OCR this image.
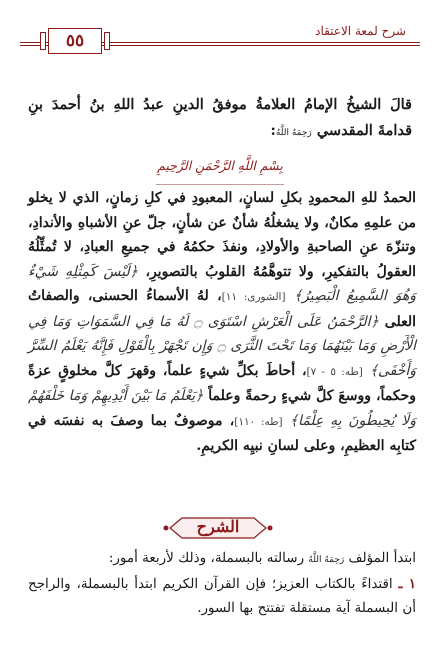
٥٥	شرح لمعة الاعتقاد
قالَ الشيخُ الإمامُ العلامةُ موفقُ الدينِ عبدُ اللهِ بنُ أحمدَ بنِ قدامةَ المقدسي رَحِمَهُ اللَّهُ:
بِسْمِ اللَّهِ الرَّحْمَنِ الرَّحِيمِ
الحمدُ للهِ المحمودِ بكلِ لسانٍ، المعبودِ في كلِ زمانٍ، الذي لا يخلو من علمِهِ مكانٌ، ولا يشغلُهُ شأنٌ عن شأنٍ، جلّ عنِ الأشباهِ والأندادِ، وتنزّهَ عنِ الصاحبةِ والأولادِ، ونفذَ حكمُهُ في جميعِ العبادِ، لا تُمثِّلُهُ العقولُ بالتفكيرِ، ولا تتوهَّمُهُ القلوبُ بالتصويرِ، ﴿لَيْسَ كَمِثْلِهِ شَيْءٌ وَهُوَ السَّمِيعُ الْبَصِيرُ﴾ [الشورى: ١١]، لهُ الأسماءُ الحسنى، والصفاتُ العلى ﴿الرَّحْمَنُ عَلَى الْعَرْشِ اسْتَوَى ۝ لَهُ مَا فِي السَّمَوَاتِ وَمَا فِي الْأَرْضِ وَمَا بَيْنَهُمَا وَمَا تَحْتَ الثَّرَى ۝ وَإِن تَجْهَرْ بِالْقَوْلِ فَإِنَّهُ يَعْلَمُ السِّرَّ وَأَخْفَى﴾ [طه: ٥ - ٧]، أحاطَ بكلِّ شيءٍ علماً، وقهرَ كلَّ مخلوقٍ عزةً وحكماً، ووسعَ كلَّ شيءٍ رحمةً وعلماً ﴿يَعْلَمُ مَا بَيْنَ أَيْدِيهِمْ وَمَا خَلْفَهُمْ وَلَا يُحِيطُونَ بِهِ عِلْمًا﴾ [طه: ١١٠]، موصوفٌ بما وصفَ به نفسَه في كتابِه العظيمِ، وعلى لسانِ نبيِه الكريمِ.
الشرح
ابتدأ المؤلف رَحِمَهُ اللَّهُ رسالته بالبسملة، وذلك لأربعة أمور:
١ ـ اقتداءً بالكتاب العزيز؛ فإن القرآن الكريم ابتدأ بالبسملة، والراجح أن البسملة آية مستقلة تفتتح بها السور.
